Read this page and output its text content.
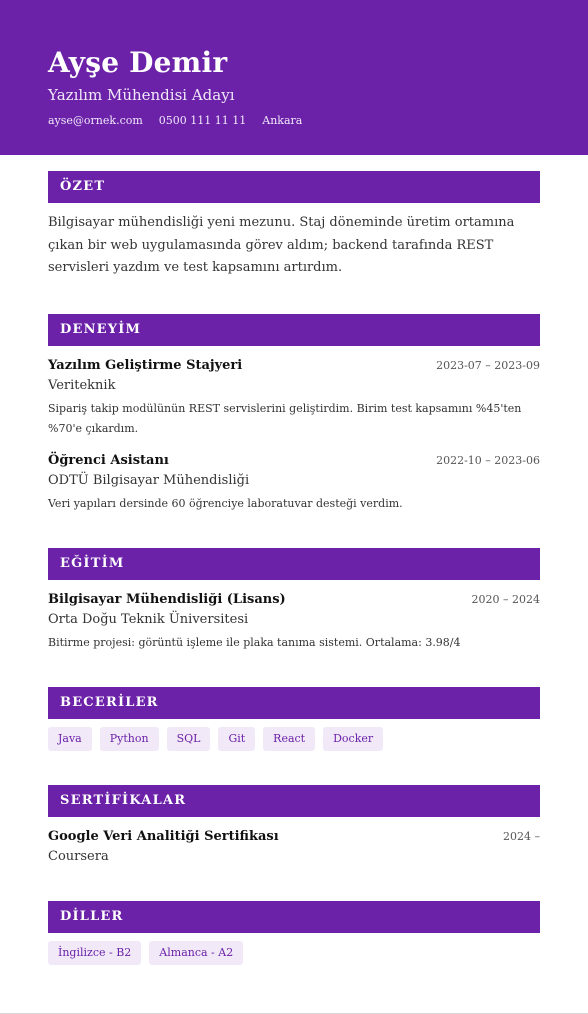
Ayşe Demir
Yazılım Mühendisi Adayı
ayse@ornek.com 0500 111 11 11 Ankara
ÖZET
Bilgisayar mühendisliği yeni mezunu. Staj döneminde üretim ortamına çıkan bir web uygulamasında görev aldım; backend tarafında REST servisleri yazdım ve test kapsamını artırdım.
DENEYİM
Yazılım Geliştirme Stajyeri	2023-07 – 2023-09
Veriteknik
Sipariş takip modülünün REST servislerini geliştirdim. Birim test kapsamını %45'ten %70'e çıkardım.
Öğrenci Asistanı	2022-10 – 2023-06
ODTÜ Bilgisayar Mühendisliği
Veri yapıları dersinde 60 öğrenciye laboratuvar desteği verdim.
EĞİTİM
Bilgisayar Mühendisliği (Lisans)	2020 – 2024
Orta Doğu Teknik Üniversitesi
Bitirme projesi: görüntü işleme ile plaka tanıma sistemi. Ortalama: 3.98/4
BECERİLER
Java	Python	SQL	Git	React	Docker
SERTİFİKALAR
Google Veri Analitiği Sertifikası	2024 –
Coursera
DİLLER
İngilizce - B2	Almanca - A2
